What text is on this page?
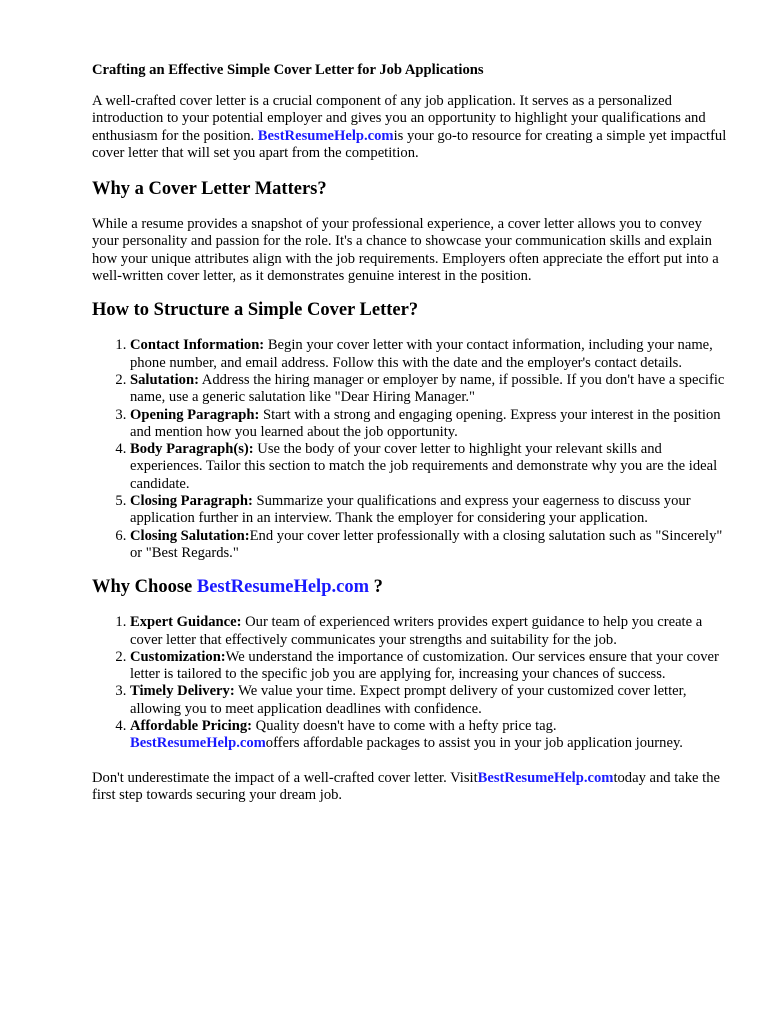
Crafting an Effective Simple Cover Letter for Job Applications

A well-crafted cover letter is a crucial component of any job application. It serves as a personalized introduction to your potential employer and gives you an opportunity to highlight your qualifications and enthusiasm for the position. BestResumeHelp.comis your go-to resource for creating a simple yet impactful cover letter that will set you apart from the competition.

Why a Cover Letter Matters?

While a resume provides a snapshot of your professional experience, a cover letter allows you to convey your personality and passion for the role. It's a chance to showcase your communication skills and explain how your unique attributes align with the job requirements. Employers often appreciate the effort put into a well-written cover letter, as it demonstrates genuine interest in the position.

How to Structure a Simple Cover Letter?
1. Contact Information: Begin your cover letter with your contact information, including your name, phone number, and email address. Follow this with the date and the employer's contact details.
2. Salutation: Address the hiring manager or employer by name, if possible. If you don't have a specific name, use a generic salutation like "Dear Hiring Manager."
3. Opening Paragraph: Start with a strong and engaging opening. Express your interest in the position and mention how you learned about the job opportunity.
4. Body Paragraph(s): Use the body of your cover letter to highlight your relevant skills and experiences. Tailor this section to match the job requirements and demonstrate why you are the ideal candidate.
5. Closing Paragraph: Summarize your qualifications and express your eagerness to discuss your application further in an interview. Thank the employer for considering your application.
6. Closing Salutation:End your cover letter professionally with a closing salutation such as "Sincerely" or "Best Regards."
Why Choose BestResumeHelp.com ?
1. Expert Guidance: Our team of experienced writers provides expert guidance to help you create a cover letter that effectively communicates your strengths and suitability for the job.
2. Customization:We understand the importance of customization. Our services ensure that your cover letter is tailored to the specific job you are applying for, increasing your chances of success.
3. Timely Delivery: We value your time. Expect prompt delivery of your customized cover letter, allowing you to meet application deadlines with confidence.
4. Affordable Pricing: Quality doesn't have to come with a hefty price tag. BestResumeHelp.comoffers affordable packages to assist you in your job application journey.

Don't underestimate the impact of a well-crafted cover letter. VisitBestResumeHelp.comtoday and take the first step towards securing your dream job.
